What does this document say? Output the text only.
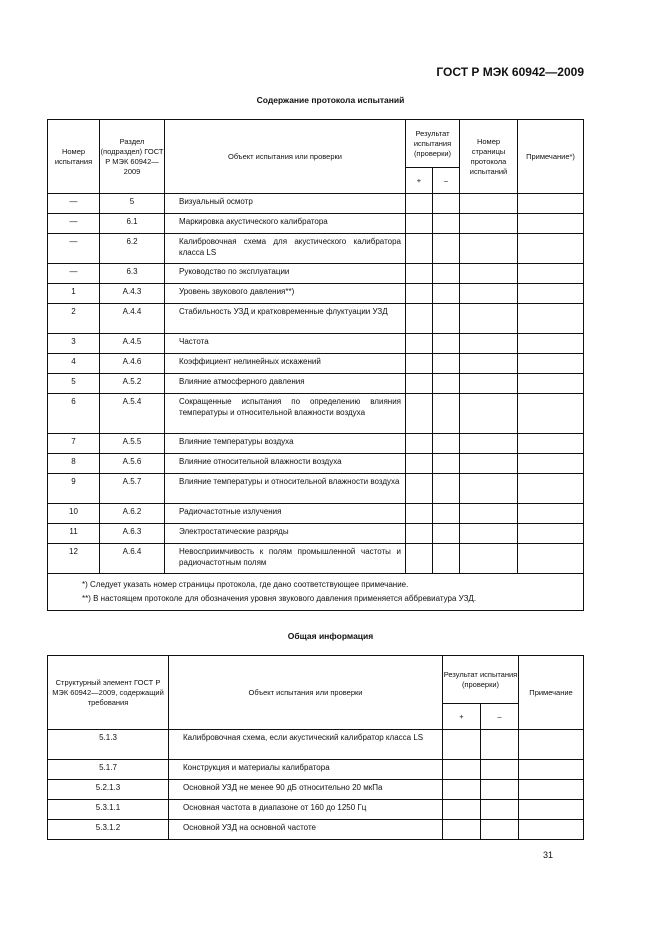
ГОСТ Р МЭК 60942—2009
Содержание протокола испытаний
Номер испытания	Раздел (подраздел) ГОСТ Р МЭК 60942—2009	Объект испытания или проверки	Результат испытания (проверки)		Номер страницы протокола испытаний	Примечание*)
			+	–		
—	5	Визуальный осмотр				
—	6.1	Маркировка акустического калибратора				
—	6.2	Калибровочная схема для акустического калибратора класса LS				
—	6.3	Руководство по эксплуатации				
1	А.4.3	Уровень звукового давления**)				
2	А.4.4	Стабильность УЗД и кратковременные флуктуации УЗД				
3	А.4.5	Частота				
4	А.4.6	Коэффициент нелинейных искажений				
5	А.5.2	Влияние атмосферного давления				
6	А.5.4	Сокращенные испытания по определению влияния температуры и относительной влажности воздуха				
7	А.5.5	Влияние температуры воздуха				
8	А.5.6	Влияние относительной влажности воздуха				
9	А.5.7	Влияние температуры и относительной влажности воздуха				
10	А.6.2	Радиочастотные излучения				
11	А.6.3	Электростатические разряды				
12	А.6.4	Невосприимчивость к полям промышленной частоты и радиочастотным полям				

*) Следует указать номер страницы протокола, где дано соответствующее примечание.
**) В настоящем протоколе для обозначения уровня звукового давления применяется аббревиатура УЗД.						
Общая информация
Структурный элемент ГОСТ Р МЭК 60942—2009, содержащий требования	Объект испытания или проверки	Результат испытания (проверки)		Примечание
		+	–	
5.1.3	Калибровочная схема, если акустический калибратор класса LS			
5.1.7	Конструкция и материалы калибратора			
5.2.1.3	Основной УЗД не менее 90 дБ относительно 20 мкПа			
5.3.1.1	Основная частота в диапазоне от 160 до 1250 Гц			
5.3.1.2	Основной УЗД на основной частоте			
31
